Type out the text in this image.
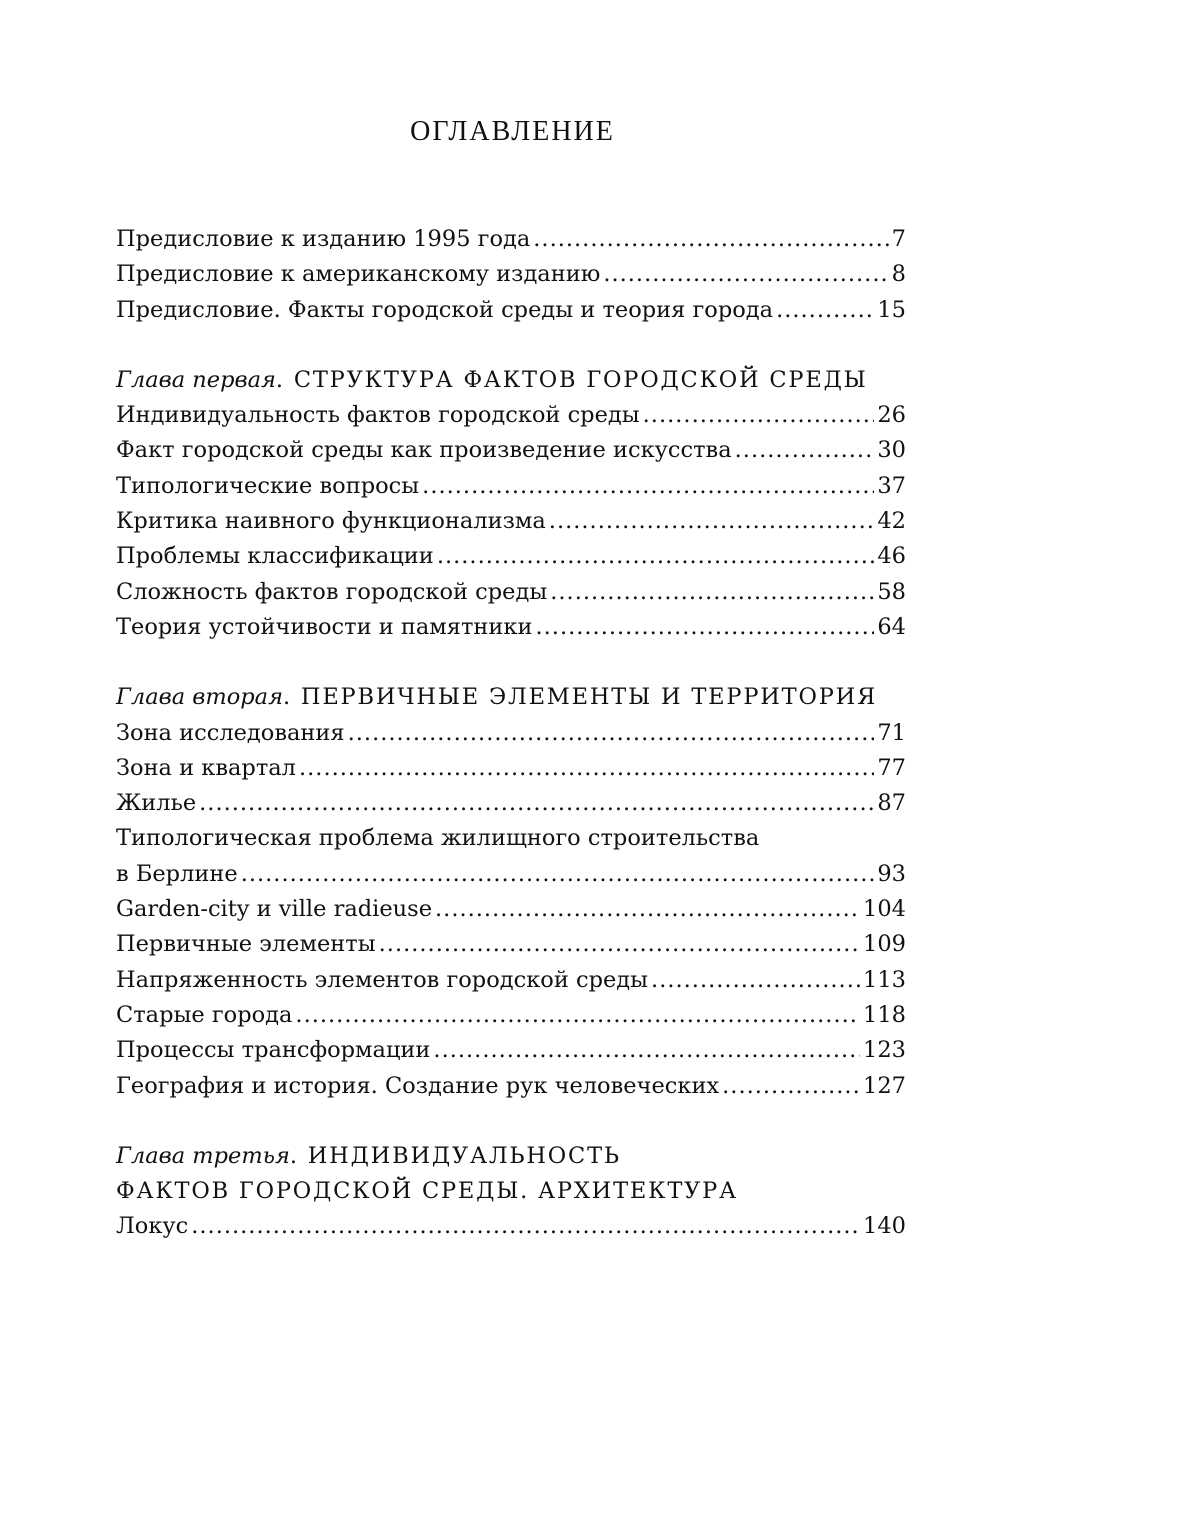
ОГЛАВЛЕНИЕ
Предисловие к изданию 1995 года .....	7
Предисловие к американскому изданию .....	8
Предисловие. Факты городской среды и теория города .....	15
Глава первая. СТРУКТУРА ФАКТОВ ГОРОДСКОЙ СРЕДЫ
Индивидуальность фактов городской среды .....	26
Факт городской среды как произведение искусства .....	30
Типологические вопросы .....	37
Критика наивного функционализма .....	42
Проблемы классификации .....	46
Сложность фактов городской среды .....	58
Теория устойчивости и памятники .....	64
Глава вторая. ПЕРВИЧНЫЕ ЭЛЕМЕНТЫ И ТЕРРИТОРИЯ
Зона исследования .....	71
Зона и квартал .....	77
Жилье .....	87
Типологическая проблема жилищного строительства
в Берлине .....	93
Garden-city и ville radieuse .....	104
Первичные элементы .....	109
Напряженность элементов городской среды .....	113
Старые города .....	118
Процессы трансформации .....	123
География и история. Создание рук человеческих .....	127
Глава третья. ИНДИВИДУАЛЬНОСТЬ
ФАКТОВ ГОРОДСКОЙ СРЕДЫ. АРХИТЕКТУРА
Локус .....	140
